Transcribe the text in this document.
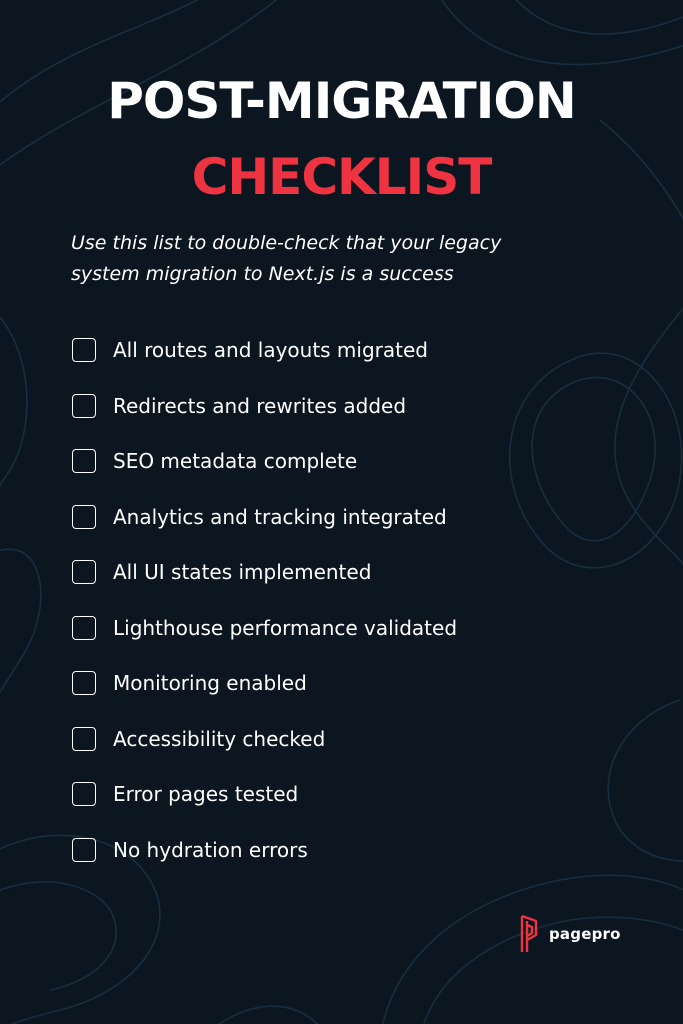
POST-MIGRATION
CHECKLIST
Use this list to double-check that your legacy
system migration to Next.js is a success
All routes and layouts migrated
Redirects and rewrites added
SEO metadata complete
Analytics and tracking integrated
All UI states implemented
Lighthouse performance validated
Monitoring enabled
Accessibility checked
Error pages tested
No hydration errors
pagepro
